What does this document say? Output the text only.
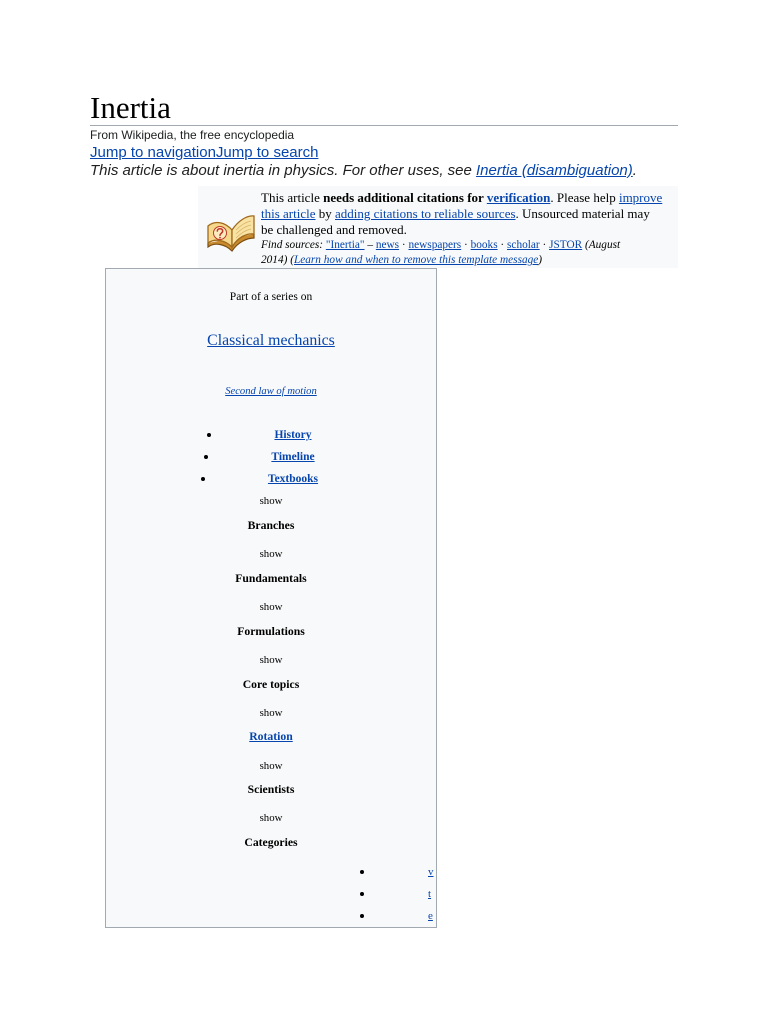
Inertia
From Wikipedia, the free encyclopedia
Jump to navigationJump to search
This article is about inertia in physics. For other uses, see Inertia (disambiguation).
This article needs additional citations for verification. Please help improve this article by adding citations to reliable sources. Unsourced material may be challenged and removed.
Find sources: "Inertia" – news · newspapers · books · scholar · JSTOR (August 2014) (Learn how and when to remove this template message)
Part of a series on
Classical mechanics
Second law of motion
History
Timeline
Textbooks
show
Branches
show
Fundamentals
show
Formulations
show
Core topics
show
Rotation
show
Scientists
show
Categories
v
t
e
